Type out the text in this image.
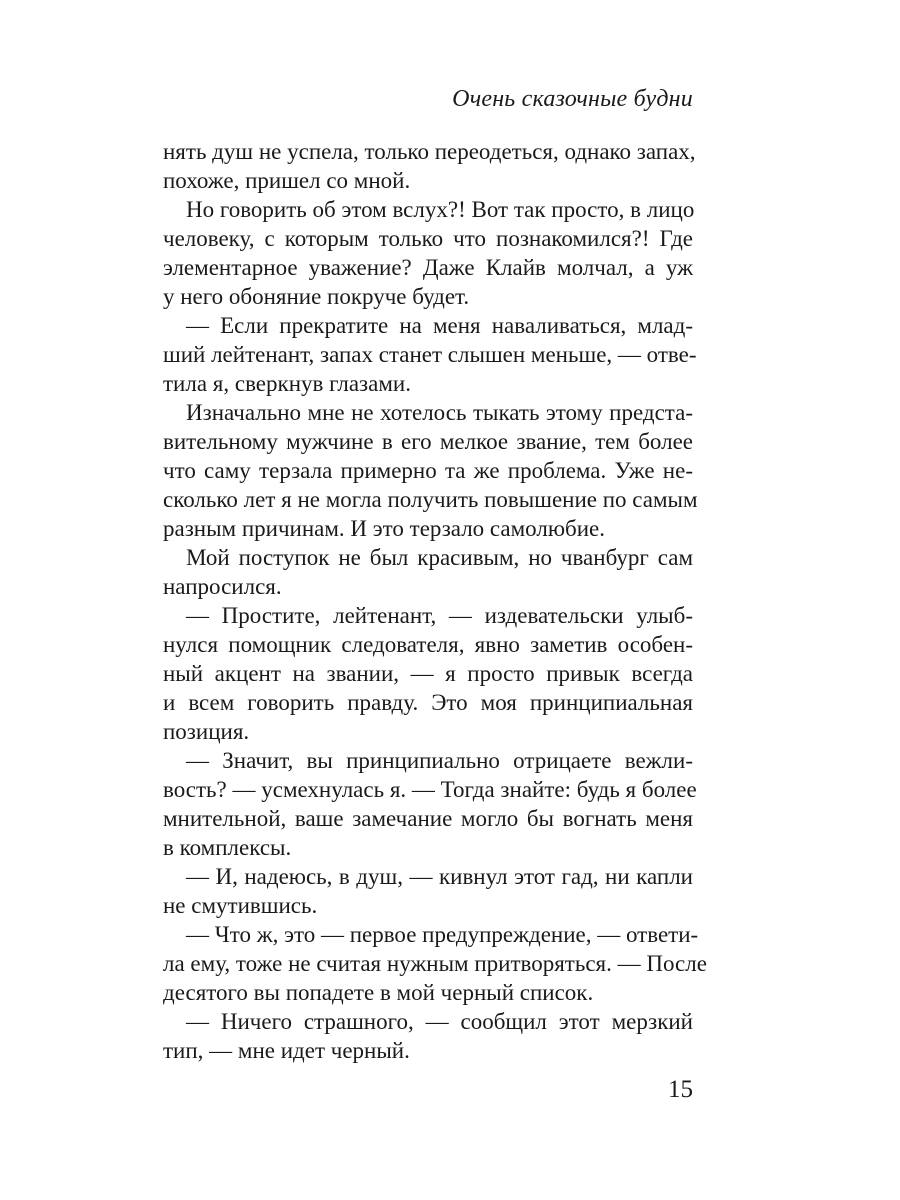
Очень сказочные будни
нять душ не успела, только переодеться, однако запах,
похоже, пришел со мной.
Но говорить об этом вслух?! Вот так просто, в лицо
человеку, с которым только что познакомился?! Где
элементарное уважение? Даже Клайв молчал, а уж
у него обоняние покруче будет.
— Если прекратите на меня наваливаться, млад-
ший лейтенант, запах станет слышен меньше, — отве-
тила я, сверкнув глазами.
Изначально мне не хотелось тыкать этому предста-
вительному мужчине в его мелкое звание, тем более
что саму терзала примерно та же проблема. Уже не-
сколько лет я не могла получить повышение по самым
разным причинам. И это терзало самолюбие.
Мой поступок не был красивым, но чванбург сам
напросился.
— Простите, лейтенант, — издевательски улыб-
нулся помощник следователя, явно заметив особен-
ный акцент на звании, — я просто привык всегда
и всем говорить правду. Это моя принципиальная
позиция.
— Значит, вы принципиально отрицаете вежли-
вость? — усмехнулась я. — Тогда знайте: будь я более
мнительной, ваше замечание могло бы вогнать меня
в комплексы.
— И, надеюсь, в душ, — кивнул этот гад, ни капли
не смутившись.
— Что ж, это — первое предупреждение, — ответи-
ла ему, тоже не считая нужным притворяться. — После
десятого вы попадете в мой черный список.
— Ничего страшного, — сообщил этот мерзкий
тип, — мне идет черный.
15
